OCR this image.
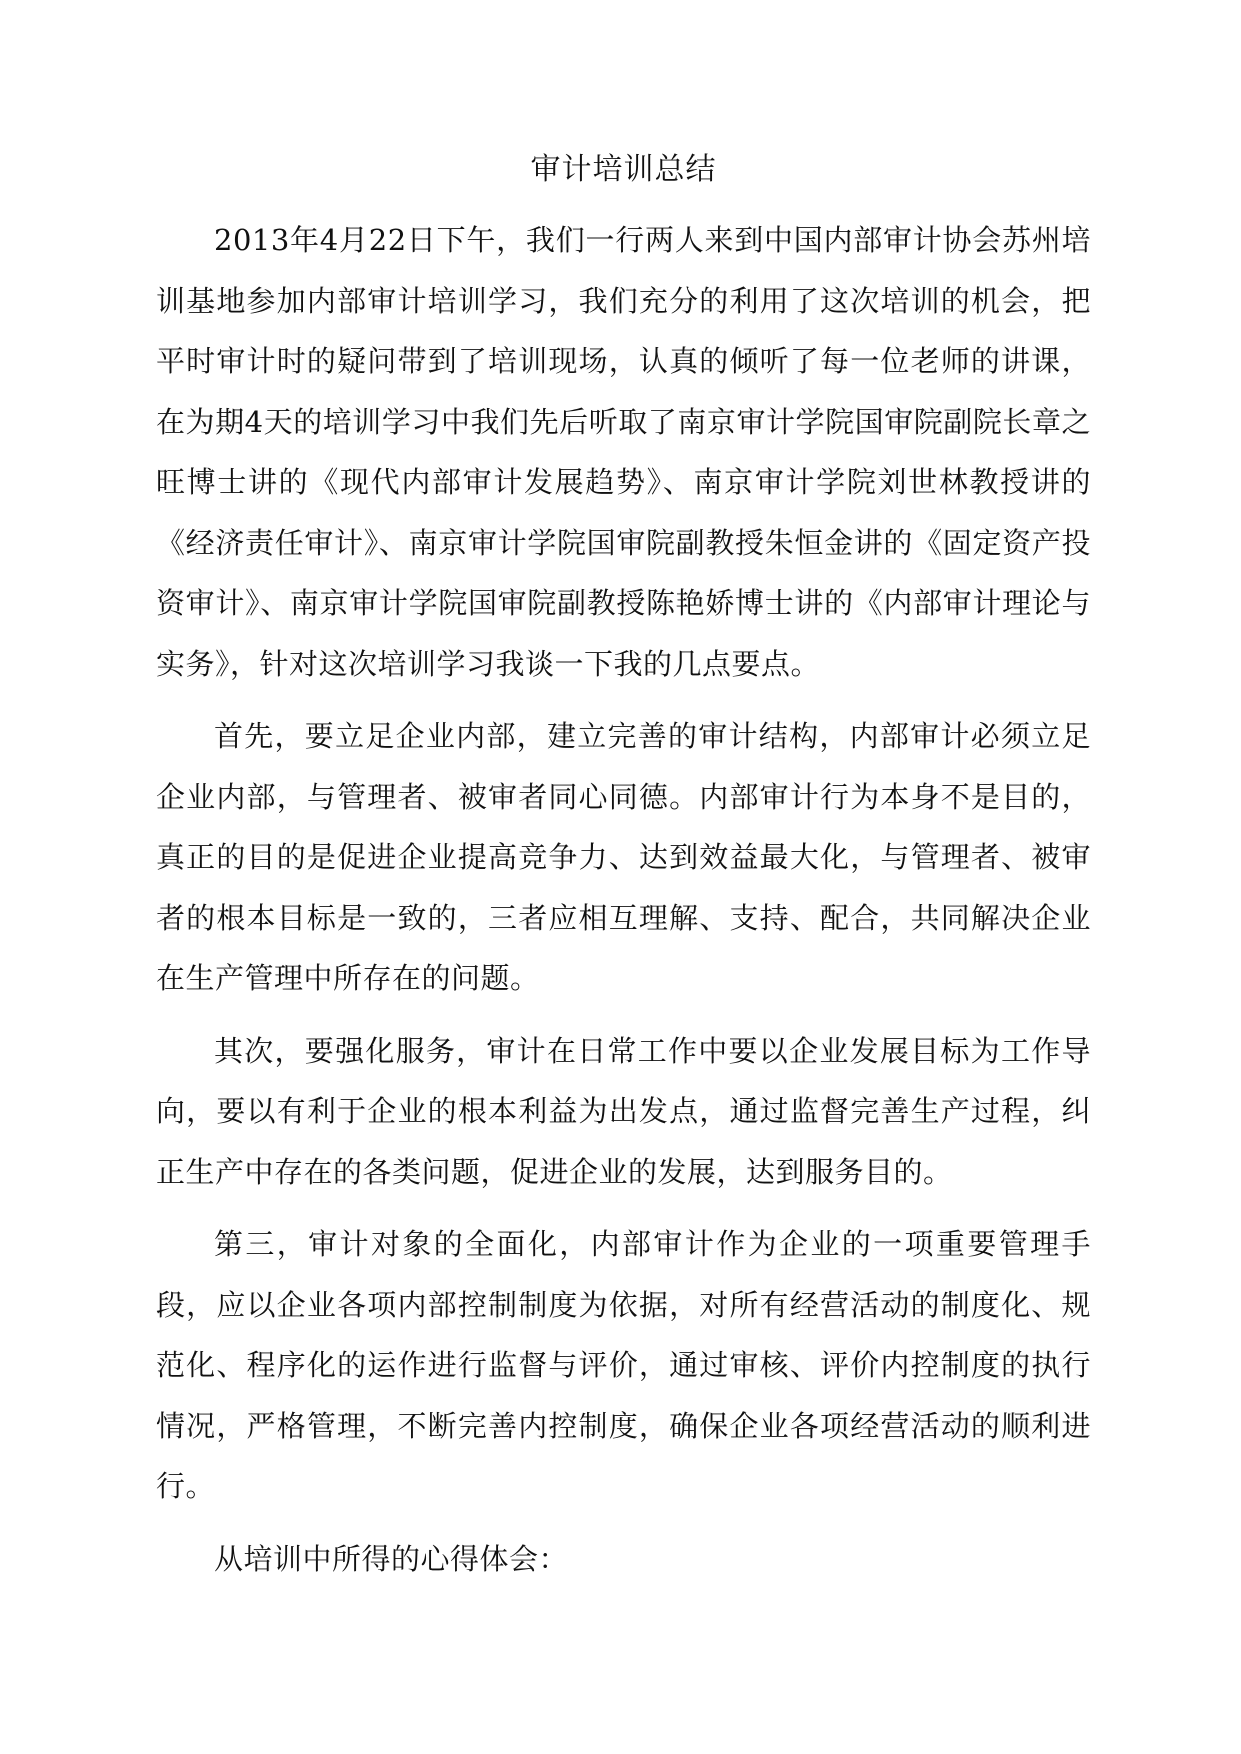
审计培训总结

2013年4月22日下午，我们一行两人来到中国内部审计协会苏州培训基地参加内部审计培训学习，我们充分的利用了这次培训的机会，把平时审计时的疑问带到了培训现场，认真的倾听了每一位老师的讲课，在为期4天的培训学习中我们先后听取了南京审计学院国审院副院长章之旺博士讲的《现代内部审计发展趋势》、南京审计学院刘世林教授讲的《经济责任审计》、南京审计学院国审院副教授朱恒金讲的《固定资产投资审计》、南京审计学院国审院副教授陈艳娇博士讲的《内部审计理论与实务》，针对这次培训学习我谈一下我的几点要点。

首先，要立足企业内部，建立完善的审计结构，内部审计必须立足企业内部，与管理者、被审者同心同德。内部审计行为本身不是目的，真正的目的是促进企业提高竞争力、达到效益最大化，与管理者、被审者的根本目标是一致的，三者应相互理解、支持、配合，共同解决企业在生产管理中所存在的问题。

其次，要强化服务，审计在日常工作中要以企业发展目标为工作导向，要以有利于企业的根本利益为出发点，通过监督完善生产过程，纠正生产中存在的各类问题，促进企业的发展，达到服务目的。

第三，审计对象的全面化，内部审计作为企业的一项重要管理手段，应以企业各项内部控制制度为依据，对所有经营活动的制度化、规范化、程序化的运作进行监督与评价，通过审核、评价内控制度的执行情况，严格管理，不断完善内控制度，确保企业各项经营活动的顺利进行。

从培训中所得的心得体会：
